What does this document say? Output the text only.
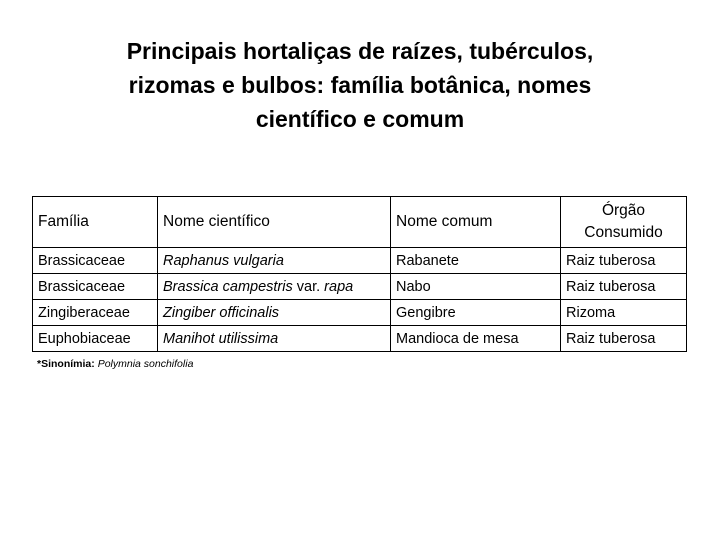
Principais hortaliças de raízes, tubérculos,
rizomas e bulbos: família botânica, nomes
científico e comum
Família	Nome científico	Nome comum	Órgão Consumido
Brassicaceae	Raphanus vulgaria	Rabanete	Raiz tuberosa
Brassicaceae	Brassica campestris var. rapa	Nabo	Raiz tuberosa
Zingiberaceae	Zingiber officinalis	Gengibre	Rizoma
Euphobiaceae	Manihot utilissima	Mandioca de mesa	Raiz tuberosa
*Sinonímia: Polymnia sonchifolia
